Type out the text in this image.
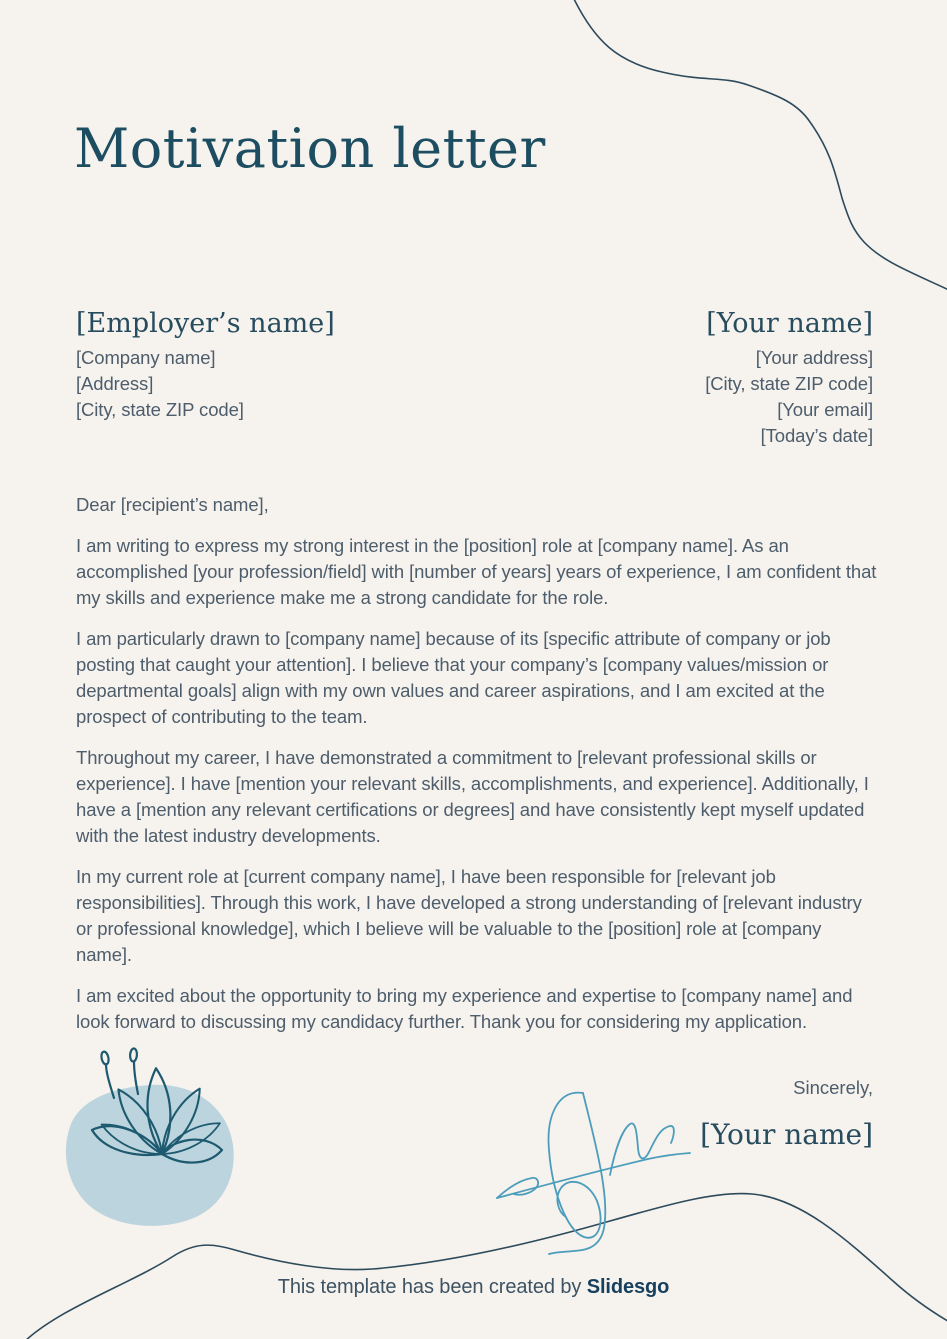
Motivation letter
[Employer’s name]
[Company name]
[Address]
[City, state ZIP code]
[Your name]
[Your address]
[City, state ZIP code]
[Your email]
[Today’s date]

Dear [recipient’s name],

I am writing to express my strong interest in the [position] role at [company name]. As an accomplished [your profession/field] with [number of years] years of experience, I am confident that my skills and experience make me a strong candidate for the role.

I am particularly drawn to [company name] because of its [specific attribute of company or job posting that caught your attention]. I believe that your company’s [company values/mission or departmental goals] align with my own values and career aspirations, and I am excited at the prospect of contributing to the team.

Throughout my career, I have demonstrated a commitment to [relevant professional skills or experience]. I have [mention your relevant skills, accomplishments, and experience]. Additionally, I have a [mention any relevant certifications or degrees] and have consistently kept myself updated with the latest industry developments.

In my current role at [current company name], I have been responsible for [relevant job responsibilities]. Through this work, I have developed a strong understanding of [relevant industry or professional knowledge], which I believe will be valuable to the [position] role at [company name].

I am excited about the opportunity to bring my experience and expertise to [company name] and look forward to discussing my candidacy further. Thank you for considering my application.

Sincerely,
[Your name]
This template has been created by Slidesgo
